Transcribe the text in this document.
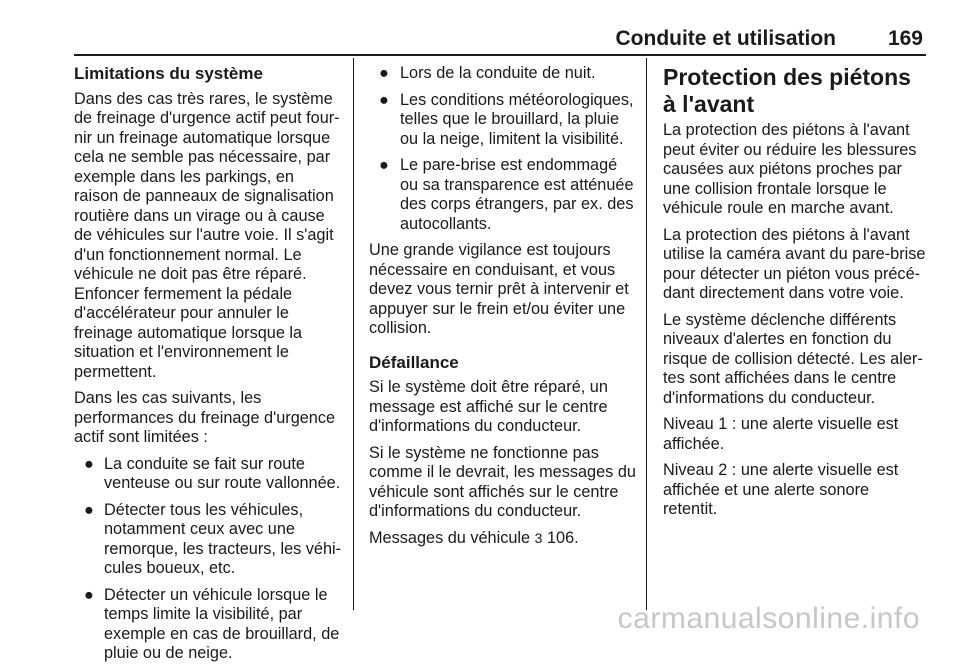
Conduite et utilisation 169
Limitations du système

Dans des cas très rares, le système de freinage d'urgence actif peut fournir un freinage automatique lorsque cela ne semble pas nécessaire, par exemple dans les parkings, en raison de panneaux de signalisation routière dans un virage ou à cause de véhicules sur l'autre voie. Il s'agit d'un fonctionnement normal. Le véhicule ne doit pas être réparé. Enfoncer fermement la pédale d'accélérateur pour annuler le freinage automatique lorsque la situation et l'environnement le permettent.

Dans les cas suivants, les performances du freinage d'urgence actif sont limitées :

● La conduite se fait sur route venteuse ou sur route vallonnée.
● Détecter tous les véhicules, notamment ceux avec une remorque, les tracteurs, les véhicules boueux, etc.
● Détecter un véhicule lorsque le temps limite la visibilité, par exemple en cas de brouillard, de pluie ou de neige.
● Lors de la conduite de nuit.
● Les conditions météorologiques, telles que le brouillard, la pluie ou la neige, limitent la visibilité.
● Le pare-brise est endommagé ou sa transparence est atténuée des corps étrangers, par ex. des autocollants.

Une grande vigilance est toujours nécessaire en conduisant, et vous devez vous ternir prêt à intervenir et appuyer sur le frein et/ou éviter une collision.

Défaillance

Si le système doit être réparé, un message est affiché sur le centre d'informations du conducteur.

Si le système ne fonctionne pas comme il le devrait, les messages du véhicule sont affichés sur le centre d'informations du conducteur.

Messages du véhicule 3 106.

Protection des piétons à l'avant

La protection des piétons à l'avant peut éviter ou réduire les blessures causées aux piétons proches par une collision frontale lorsque le véhicule roule en marche avant.

La protection des piétons à l'avant utilise la caméra avant du pare-brise pour détecter un piéton vous précédant directement dans votre voie.

Le système déclenche différents niveaux d'alertes en fonction du risque de collision détecté. Les alertes sont affichées dans le centre d'informations du conducteur.

Niveau 1 : une alerte visuelle est affichée.

Niveau 2 : une alerte visuelle est affichée et une alerte sonore retentit.

carmanualsonline.info
